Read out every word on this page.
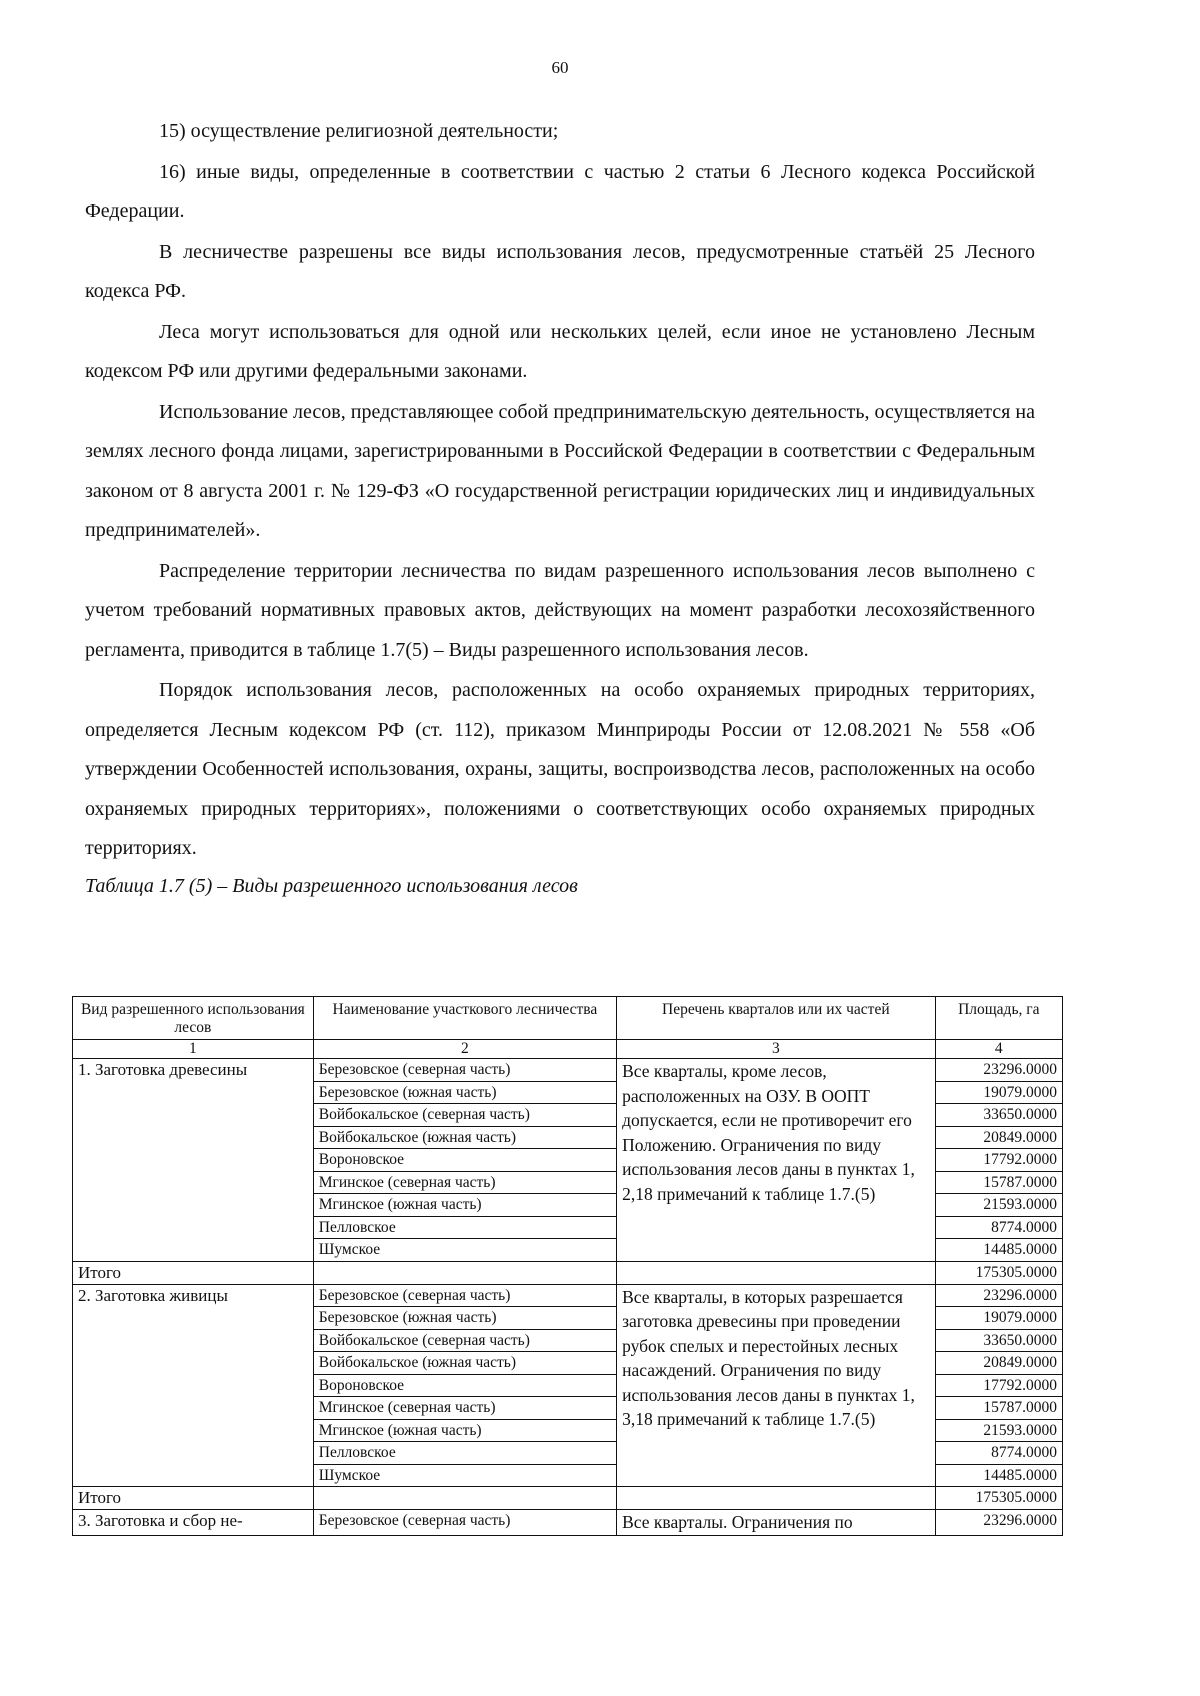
60

15) осуществление религиозной деятельности;

16) иные виды, определенные в соответствии с частью 2 статьи 6 Лесного кодекса Российской Федерации.

В лесничестве разрешены все виды использования лесов, предусмотренные статьёй 25 Лесного кодекса РФ.

Леса могут использоваться для одной или нескольких целей, если иное не установлено Лесным кодексом РФ или другими федеральными законами.

Использование лесов, представляющее собой предпринимательскую деятельность, осуществляется на землях лесного фонда лицами, зарегистрированными в Российской Федерации в соответствии с Федеральным законом от 8 августа 2001 г. № 129-ФЗ «О государственной регистрации юридических лиц и индивидуальных предпринимателей».

Распределение территории лесничества по видам разрешенного использования лесов выполнено с учетом требований нормативных правовых актов, действующих на момент разработки лесохозяйственного регламента, приводится в таблице 1.7(5) – Виды разрешенного использования лесов.

Порядок использования лесов, расположенных на особо охраняемых природных территориях, определяется Лесным кодексом РФ (ст. 112), приказом Минприроды России от 12.08.2021 № 558 «Об утверждении Особенностей использования, охраны, защиты, воспроизводства лесов, расположенных на особо охраняемых природных территориях», положениями о соответствующих особо охраняемых природных территориях.

Таблица 1.7 (5) – Виды разрешенного использования лесов

Вид разрешенного использования лесов	Наименование участкового лесничества	Перечень кварталов или их частей	Площадь, га
1	2	3	4
1. Заготовка древесины	Березовское (северная часть)	Все кварталы, кроме лесов, расположенных на ОЗУ. В ООПТ допускается, если не противоречит его Положению. Ограничения по виду использования лесов даны в пунктах 1, 2,18 примечаний к таблице 1.7.(5)	23296.0000
	Березовское (южная часть)		19079.0000
	Войбокальское (северная часть)		33650.0000
	Войбокальское (южная часть)		20849.0000
	Вороновское		17792.0000
	Мгинское (северная часть)		15787.0000
	Мгинское (южная часть)		21593.0000
	Пелловское		8774.0000
	Шумское		14485.0000
Итого			175305.0000
2. Заготовка живицы	Березовское (северная часть)	Все кварталы, в которых разрешается заготовка древесины при проведении рубок спелых и перестойных лесных насаждений. Ограничения по виду использования лесов даны в пунктах 1, 3,18 примечаний к таблице 1.7.(5)	23296.0000
	Березовское (южная часть)		19079.0000
	Войбокальское (северная часть)		33650.0000
	Войбокальское (южная часть)		20849.0000
	Вороновское		17792.0000
	Мгинское (северная часть)		15787.0000
	Мгинское (южная часть)		21593.0000
	Пелловское		8774.0000
	Шумское		14485.0000
Итого			175305.0000
3. Заготовка и сбор не-	Березовское (северная часть)	Все кварталы. Ограничения по	23296.0000
